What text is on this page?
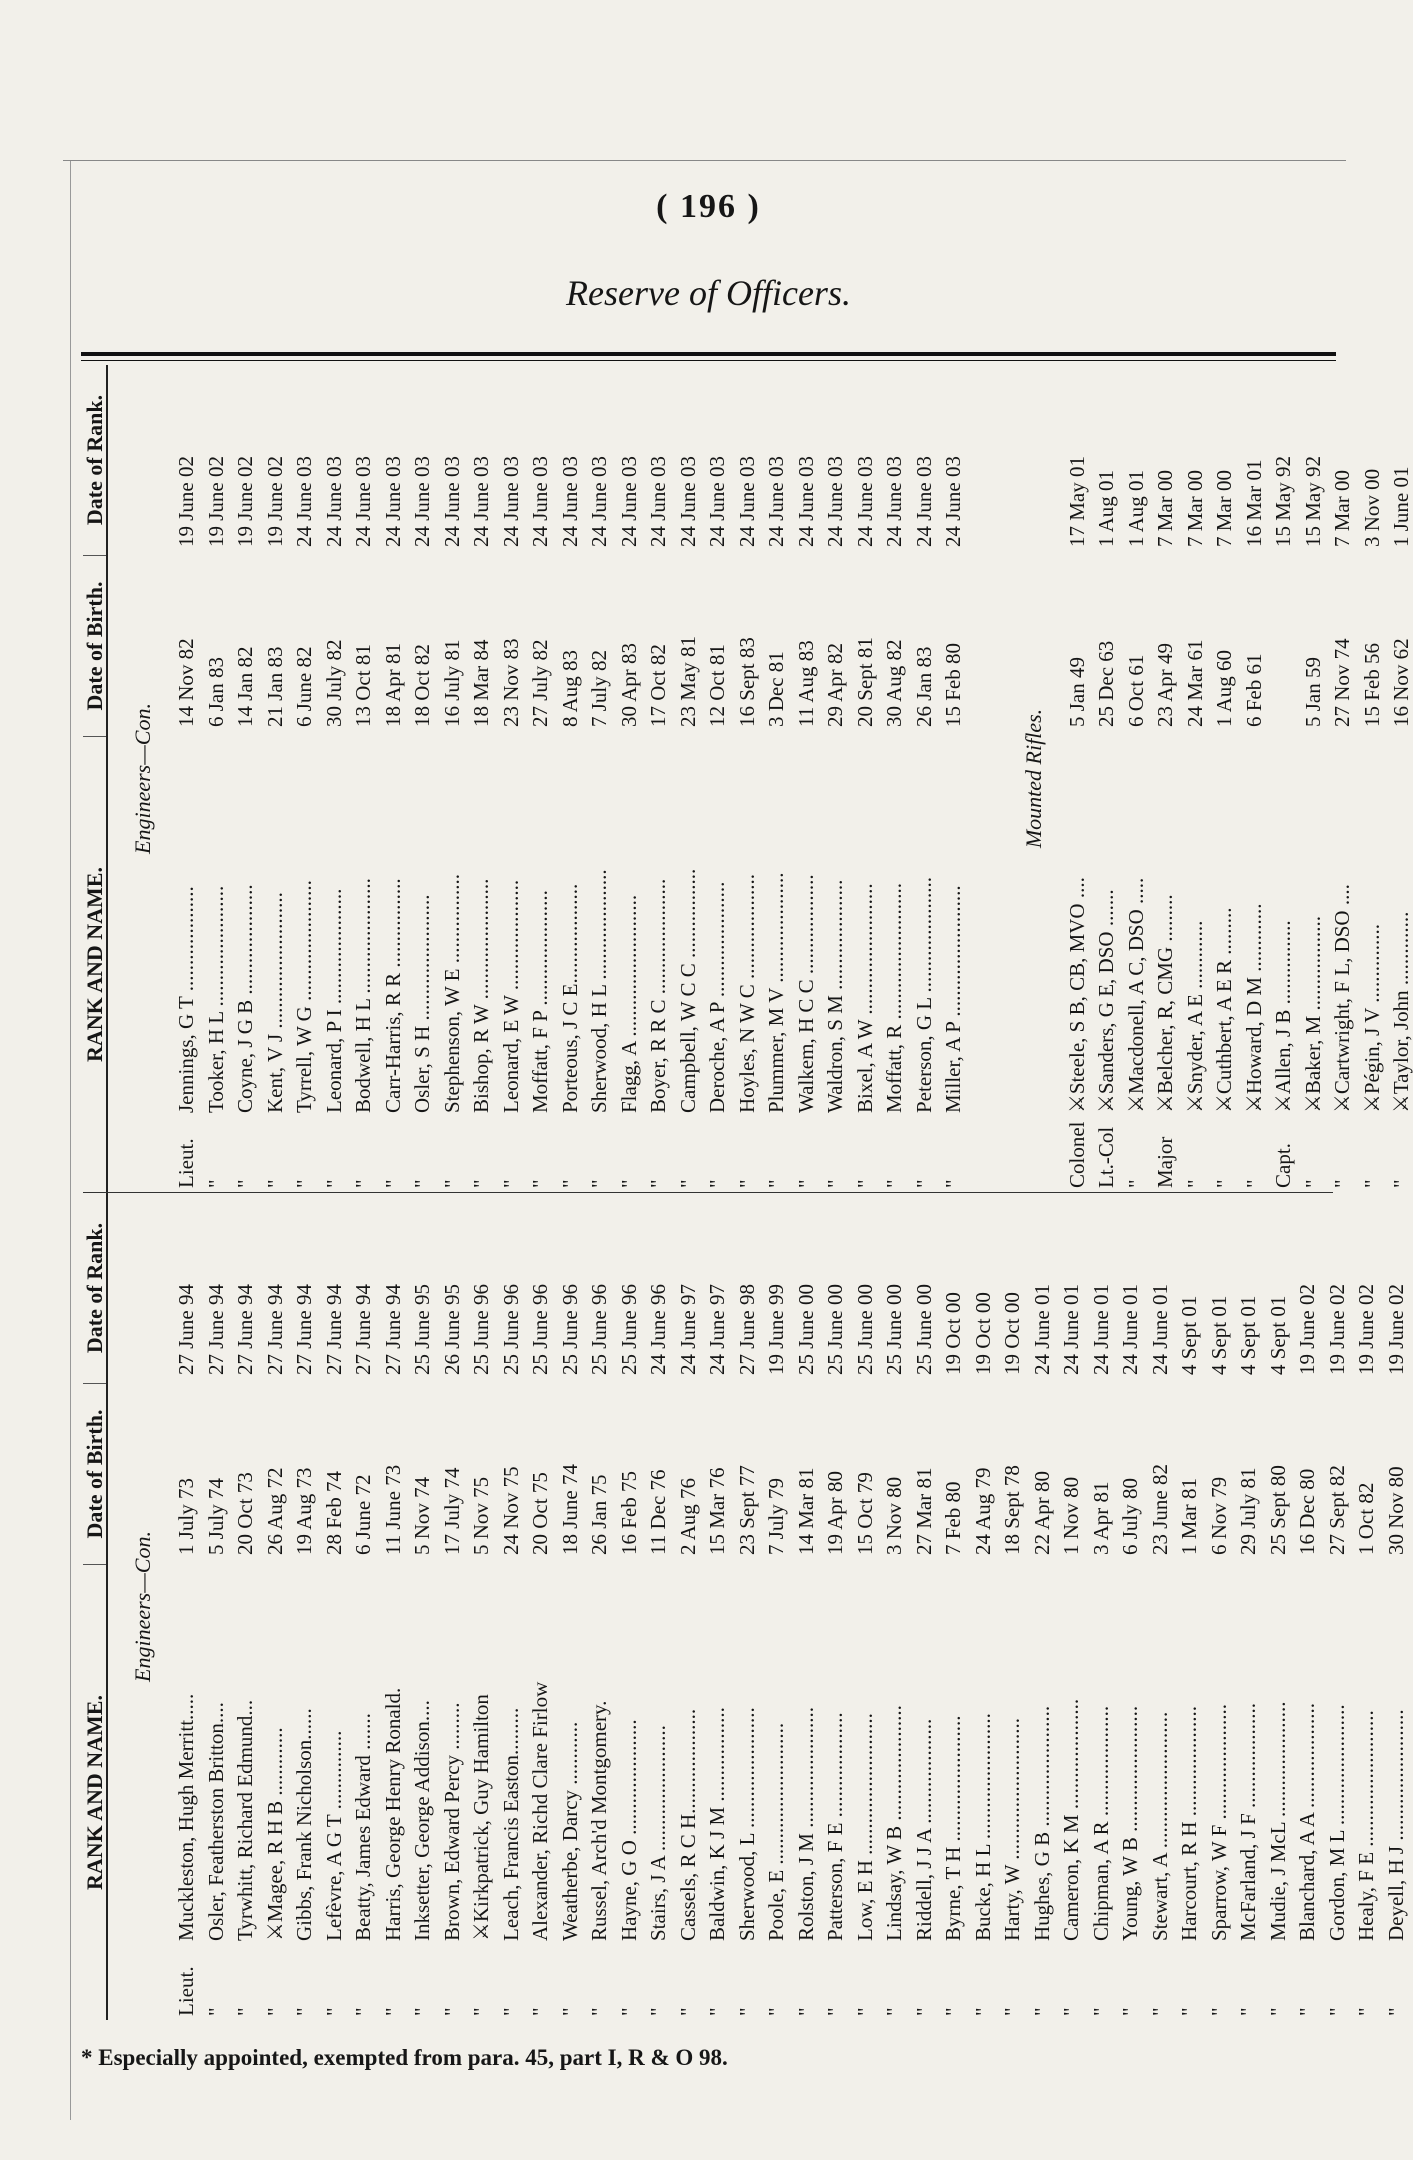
( 196 )
Reserve of Officers.
RANK AND NAME.
Date of Birth.
Date of Rank.
Engineers—Con.
Lieut.
Muckleston, Hugh Merritt.....
1 July 73
27 June 94
"
Osler, Featherston Britton....
5 July 74
27 June 94
"
Tyrwhitt, Richard Edmund...
20 Oct 73
27 June 94
"
⚔Magee, R H B .............
26 Aug 72
27 June 94
"
Gibbs, Frank Nicholson......
19 Aug 73
27 June 94
"
Lefèvre, A G T ...............
28 Feb 74
27 June 94
"
Beatty, James Edward .......
6 June 72
27 June 94
"
Harris, George Henry Ronald.
11 June 73
27 June 94
"
Inksetter, George Addison....
5 Nov 74
25 June 95
"
Brown, Edward Percy .........
17 July 74
26 June 95
"
⚔Kirkpatrick, Guy Hamilton
5 Nov 75
25 June 96
"
Leach, Francis Easton.........
24 Nov 75
25 June 96
"
Alexander, Richd Clare Firlow
20 Oct 75
25 June 96
"
Weatherbe, Darcy ............
18 June 74
25 June 96
"
Russel, Arch'd Montgomery.
26 Jan 75
25 June 96
"
Hayne, G O ......................
16 Feb 75
25 June 96
"
Stairs, J A ........................
11 Dec 76
24 June 96
"
Cassels, R C H....................
2 Aug 76
24 June 97
"
Baldwin, K J M ..................
15 Mar 76
24 June 97
"
Sherwood, L .......................
23 Sept 77
27 June 98
"
Poole, E ...........................
7 July 79
19 June 99
"
Rolston, J M .......................
14 Mar 81
25 June 00
"
Patterson, F E ....................
19 Apr 80
25 June 00
"
Low, E H ...........................
15 Oct 79
25 June 00
"
Lindsay, W B ......................
3 Nov 80
25 June 00
"
Riddell, J J A ....................
27 Mar 81
25 June 00
"
Byrne, T H ........................
7 Feb 80
19 Oct 00
"
Bucke, H L ........................
24 Aug 79
19 Oct 00
"
Harty, W ...........................
18 Sept 78
19 Oct 00
"
Hughes, G B .......................
22 Apr 80
24 June 01
"
Cameron, K M .....................
1 Nov 80
24 June 01
"
Chipman, A R .....................
3 Apr 81
24 June 01
"
Young, W B ........................
6 July 80
24 June 01
"
Stewart, A ..........................
23 June 82
24 June 01
"
Harcourt, R H .....................
1 Mar 81
4 Sept 01
"
Sparrow, W F ......................
6 Nov 79
4 Sept 01
"
McFarland, J F ....................
29 July 81
4 Sept 01
"
Mudie, J McL ......................
25 Sept 80
4 Sept 01
"
Blanchard, A A ....................
16 Dec 80
19 June 02
"
Gordon, M L .......................
27 Sept 82
19 June 02
"
Healy, F E ..........................
1 Oct 82
19 June 02
"
Deyell, H J .........................
30 Nov 80
19 June 02
RANK AND NAME.
Date of Birth.
Date of Rank.
Engineers—Con.
Lieut.
Jennings, G T ....................
14 Nov 82
19 June 02
"
Tooker, H L .......................
6 Jan 83
19 June 02
"
Coyne, J G B .....................
14 Jan 82
19 June 02
"
Kent, V J ..........................
21 Jan 83
19 June 02
"
Tyrrell, W G .......................
6 June 82
24 June 03
"
Leonard, P I ......................
30 July 82
24 June 03
"
Bodwell, H L ......................
13 Oct 81
24 June 03
"
Carr-Harris, R R .................
18 Apr 81
24 June 03
"
Osler, S H ........................
18 Oct 82
24 June 03
"
Stephenson, W E .................
16 July 81
24 June 03
"
Bishop, R W .......................
18 Mar 84
24 June 03
"
Leonard, E W .....................
23 Nov 83
24 June 03
"
Moffatt, F P ......................
27 July 82
24 June 03
"
Porteous, J C E...................
8 Aug 83
24 June 03
"
Sherwood, H L .....................
7 July 82
24 June 03
"
Flagg, A ...........................
30 Apr 83
24 June 03
"
Boyer, R R C ......................
17 Oct 82
24 June 03
"
Campbell, W C C .................
23 May 81
24 June 03
"
Deroche, A P ......................
12 Oct 81
24 June 03
"
Hoyles, N W C ....................
16 Sept 83
24 June 03
"
Plummer, M V .....................
3 Dec 81
24 June 03
"
Walkem, H C C ...................
11 Aug 83
24 June 03
"
Waldron, S M .....................
29 Apr 82
24 June 03
"
Bixel, A W .........................
20 Sept 81
24 June 03
"
Moffatt, R ..........................
30 Aug 82
24 June 03
"
Peterson, G L ......................
26 Jan 83
24 June 03
"
Miller, A P .........................
15 Feb 80
24 June 03
Mounted Rifles.
Colonel
⚔Steele, S B, CB, MVO ....
5 Jan 49
17 May 01
Lt.-Col
⚔Sanders, G E, DSO .......
25 Dec 63
1 Aug 01
"
⚔Macdonell, A C, DSO .....
6 Oct 61
1 Aug 01
Major
⚔Belcher, R, CMG .........
23 Apr 49
7 Mar 00
"
⚔Snyder, A E .............
24 Mar 61
7 Mar 00
"
⚔Cuthbert, A E R .........
1 Aug 60
7 Mar 00
"
⚔Howard, D M .............
6 Feb 61
16 Mar 01
Capt.
⚔Allen, J B ................
15 May 92
"
⚔Baker, M ..................
5 Jan 59
15 May 92
"
⚔Cartwright, F L, DSO ....
27 Nov 74
7 Mar 00
"
⚔Pégin, J V ...............
15 Feb 56
3 Nov 00
"
⚔Taylor, John ..............
16 Nov 62
1 June 01
* Especially appointed, exempted from para. 45, part I, R & O 98.
